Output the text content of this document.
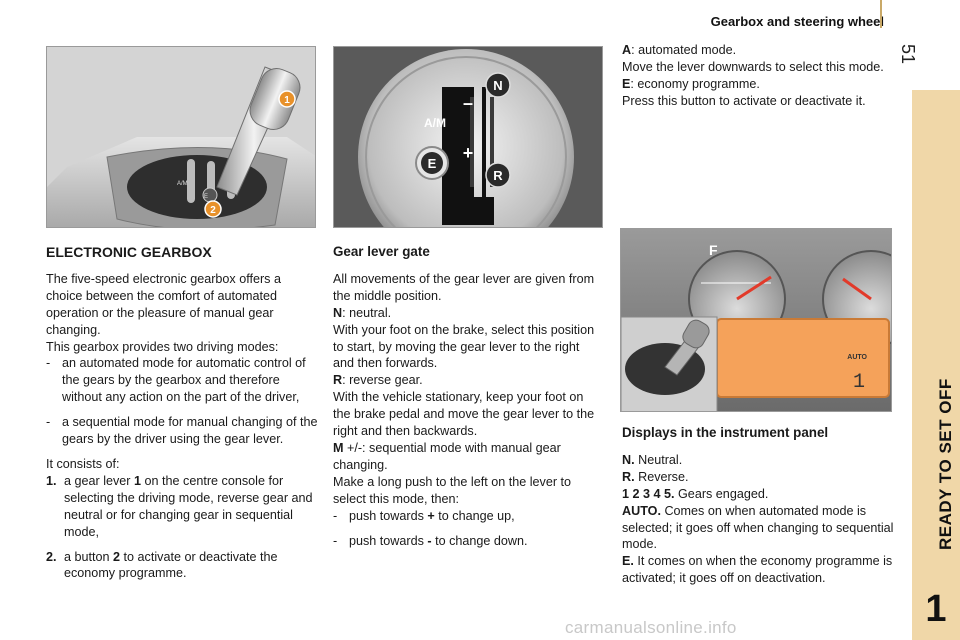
Gearbox and steering wheel
51
READY TO SET OFF
1
1
2
A/M
E
N
R
A/M
+
–
E
F
AUTO
1
ELECTRONIC GEARBOX

The five-speed electronic gearbox offers a choice between the comfort of automated operation or the pleasure of manual gear changing.

This gearbox provides two driving modes:

- an automated mode for automatic control of the gears by the gearbox and therefore without any action on the part of the driver,
- a sequential mode for manual changing of the gears by the driver using the gear lever.

It consists of:

1. a gear lever 1 on the centre console for selecting the driving mode, reverse gear and neutral or for changing gear in sequential mode,
2. a button 2 to activate or deactivate the economy programme.
Gear lever gate

All movements of the gear lever are given from the middle position.

N: neutral.

With your foot on the brake, select this position to start, by moving the gear lever to the right and then forwards.

R: reverse gear.

With the vehicle stationary, keep your foot on the brake pedal and move the gear lever to the right and then backwards.

M +/-: sequential mode with manual gear changing.

Make a long push to the left on the lever to select this mode, then:

- push towards + to change up,
- push towards - to change down.

A: automated mode.

Move the lever downwards to select this mode.

E: economy programme.

Press this button to activate or deactivate it.

Displays in the instrument panel

N. Neutral.

R. Reverse.

1 2 3 4 5. Gears engaged.

AUTO. Comes on when automated mode is selected; it goes off when changing to sequential mode.

E. It comes on when the economy programme is activated; it goes off on deactivation.

carmanualsonline.info
